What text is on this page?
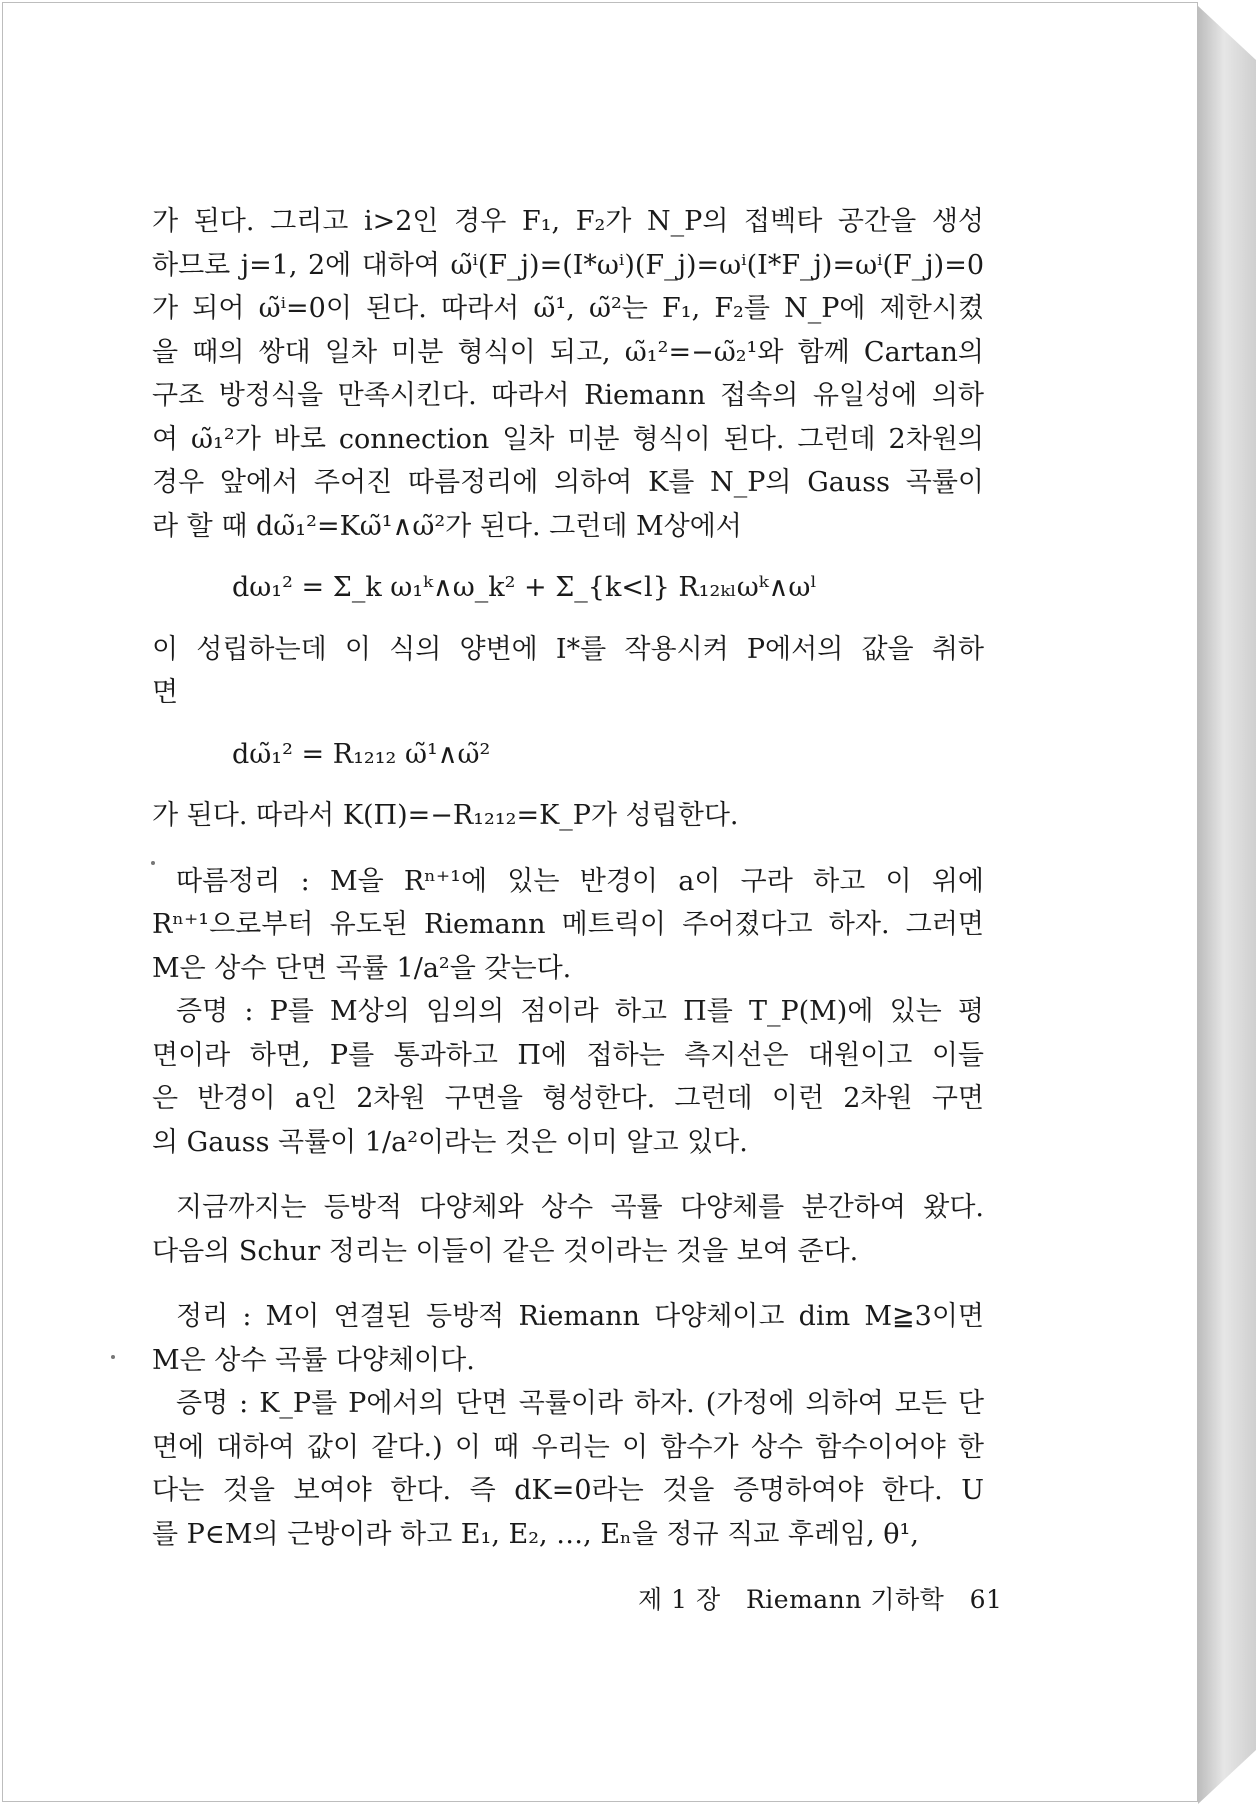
가 된다. 그리고 i>2인 경우 F₁, F₂가 N_P의 접벡타 공간을 생성
하므로 j=1, 2에 대하여 ω̃ⁱ(F_j)=(I*ωⁱ)(F_j)=ωⁱ(I*F_j)=ωⁱ(F_j)=0
가 되어 ω̃ⁱ=0이 된다. 따라서 ω̃¹, ω̃²는 F₁, F₂를 N_P에 제한시켰
을 때의 쌍대 일차 미분 형식이 되고, ω̃₁²=−ω̃₂¹와 함께 Cartan의
구조 방정식을 만족시킨다. 따라서 Riemann 접속의 유일성에 의하
여 ω̃₁²가 바로 connection 일차 미분 형식이 된다. 그런데 2차원의
경우 앞에서 주어진 따름정리에 의하여 K를 N_P의 Gauss 곡률이
라 할 때 dω̃₁²=Kω̃¹∧ω̃²가 된다. 그런데 M상에서
dω₁² = Σ_k ω₁ᵏ∧ω_k² + Σ_{k<l} R₁₂ₖₗωᵏ∧ωˡ
이 성립하는데 이 식의 양변에 I*를 작용시켜 P에서의 값을 취하
면
dω̃₁² = R₁₂₁₂ ω̃¹∧ω̃²
가 된다. 따라서 K(Π)=−R₁₂₁₂=K_P가 성립한다.
따름정리 : M을 Rⁿ⁺¹에 있는 반경이 a이 구라 하고 이 위에
Rⁿ⁺¹으로부터 유도된 Riemann 메트릭이 주어졌다고 하자. 그러면
M은 상수 단면 곡률 1/a²을 갖는다.
증명 : P를 M상의 임의의 점이라 하고 Π를 T_P(M)에 있는 평
면이라 하면, P를 통과하고 Π에 접하는 측지선은 대원이고 이들
은 반경이 a인 2차원 구면을 형성한다. 그런데 이런 2차원 구면
의 Gauss 곡률이 1/a²이라는 것은 이미 알고 있다.
지금까지는 등방적 다양체와 상수 곡률 다양체를 분간하여 왔다.
다음의 Schur 정리는 이들이 같은 것이라는 것을 보여 준다.
정리 : M이 연결된 등방적 Riemann 다양체이고 dim M≧3이면
M은 상수 곡률 다양체이다.
증명 : K_P를 P에서의 단면 곡률이라 하자. (가정에 의하여 모든 단
면에 대하여 값이 같다.) 이 때 우리는 이 함수가 상수 함수이어야 한
다는 것을 보여야 한다. 즉 dK=0라는 것을 증명하여야 한다. U
를 P∈M의 근방이라 하고 E₁, E₂, …, Eₙ을 정규 직교 후레임, θ¹,
제 1 장 Riemann 기하학 61
